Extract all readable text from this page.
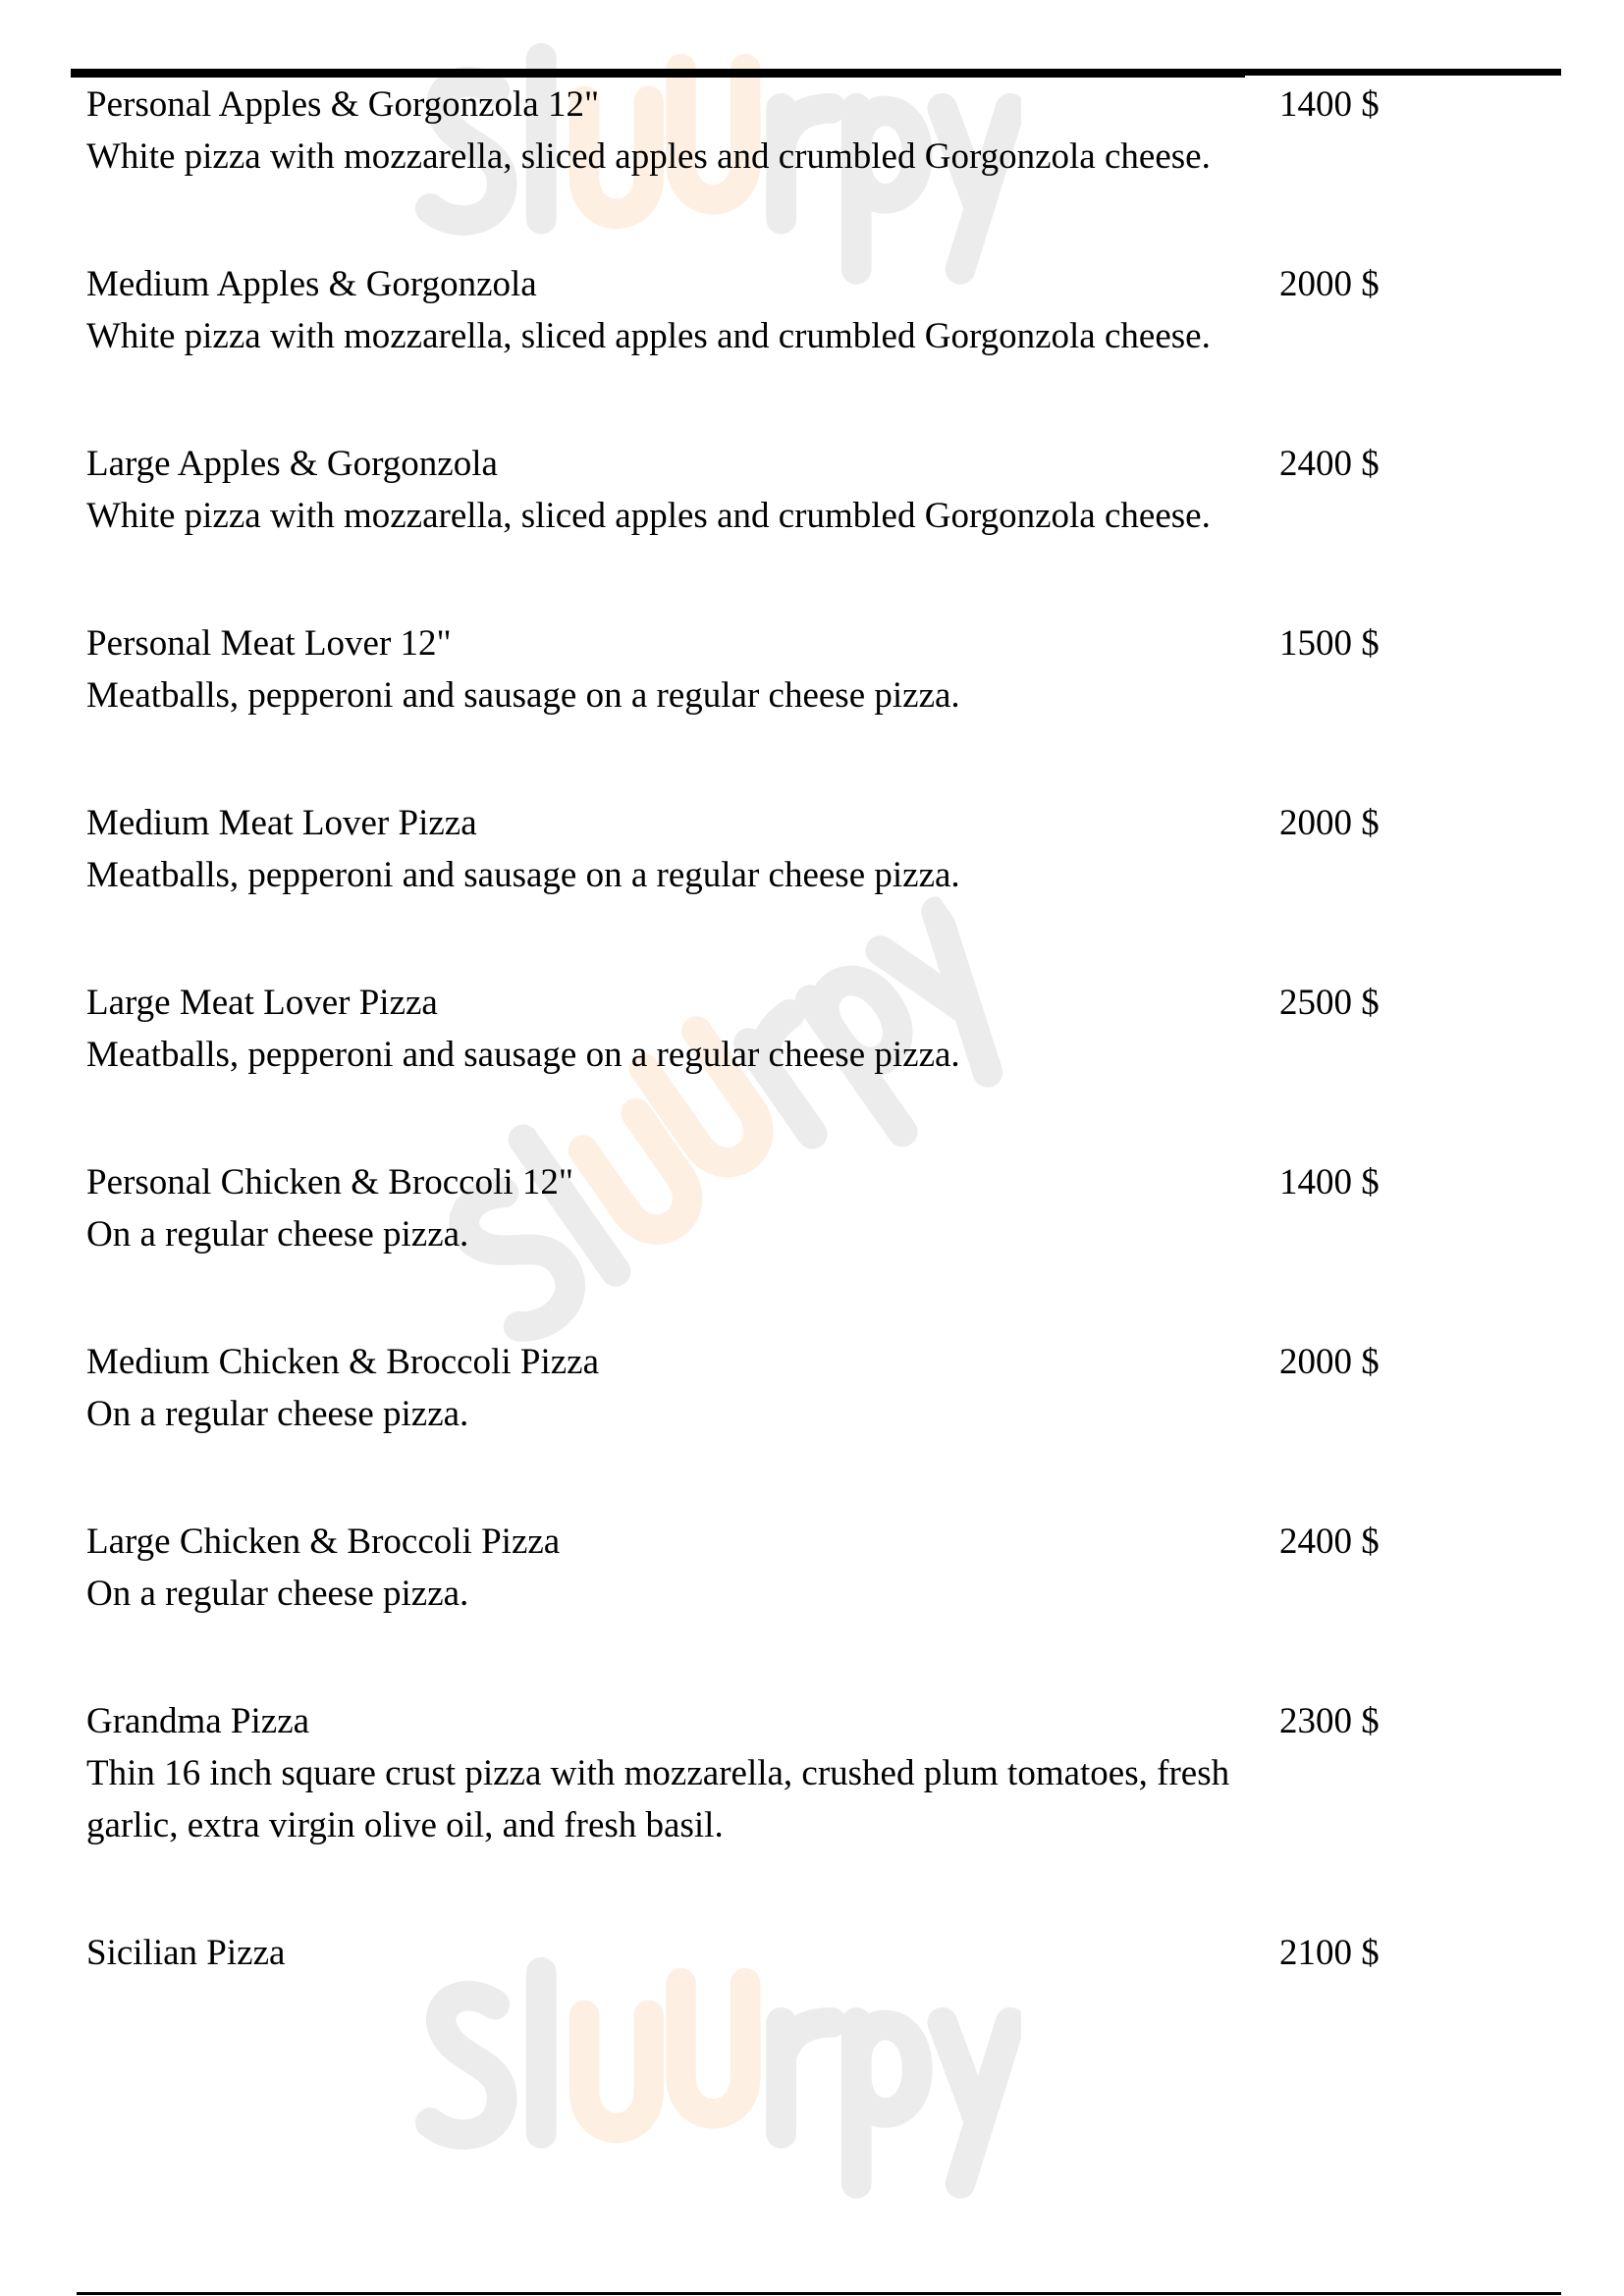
Personal Apples & Gorgonzola 12"
White pizza with mozzarella, sliced apples and crumbled Gorgonzola cheese.
1400 $
Medium Apples & Gorgonzola
White pizza with mozzarella, sliced apples and crumbled Gorgonzola cheese.
2000 $
Large Apples & Gorgonzola
White pizza with mozzarella, sliced apples and crumbled Gorgonzola cheese.
2400 $
Personal Meat Lover 12"
Meatballs, pepperoni and sausage on a regular cheese pizza.
1500 $
Medium Meat Lover Pizza
Meatballs, pepperoni and sausage on a regular cheese pizza.
2000 $
Large Meat Lover Pizza
Meatballs, pepperoni and sausage on a regular cheese pizza.
2500 $
Personal Chicken & Broccoli 12"
On a regular cheese pizza.
1400 $
Medium Chicken & Broccoli Pizza
On a regular cheese pizza.
2000 $
Large Chicken & Broccoli Pizza
On a regular cheese pizza.
2400 $
Grandma Pizza
Thin 16 inch square crust pizza with mozzarella, crushed plum tomatoes, fresh garlic, extra virgin olive oil, and fresh basil.
2300 $
Sicilian Pizza	2100 $
